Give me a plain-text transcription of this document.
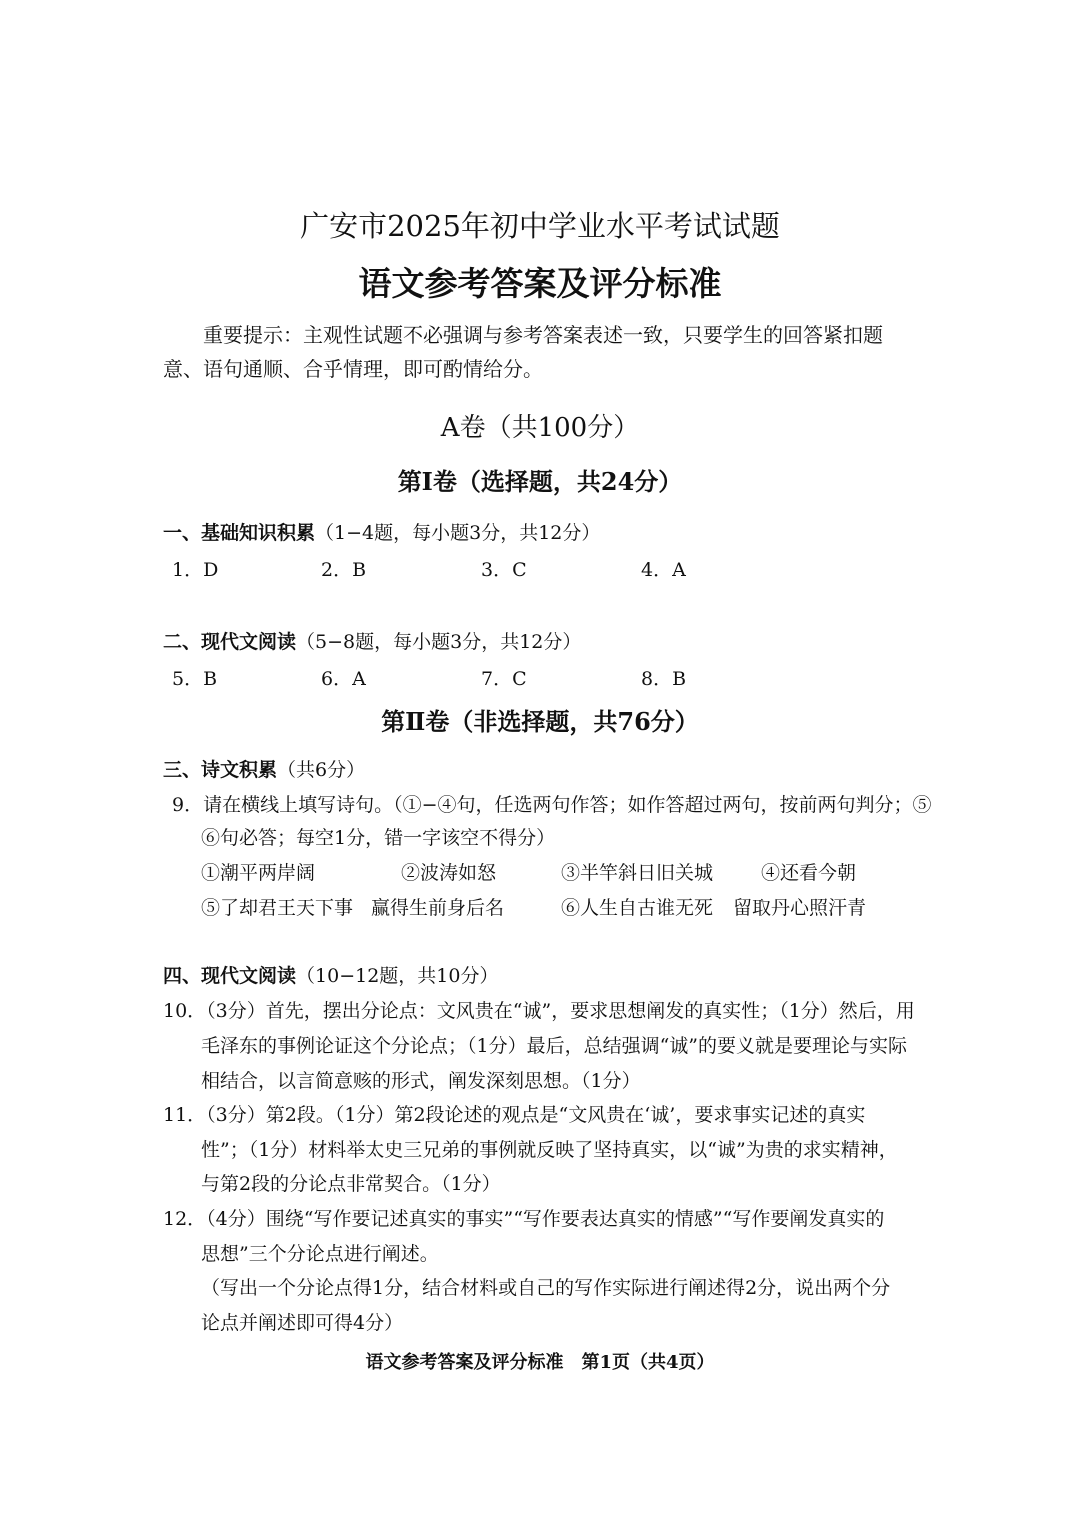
广安市2025年初中学业水平考试试题
语文参考答案及评分标准
重要提示：主观性试题不必强调与参考答案表述一致，只要学生的回答紧扣题意、语句通顺、合乎情理，即可酌情给分。
A卷（共100分）
第Ⅰ卷（选择题，共24分）
一、基础知识积累（1−4题，每小题3分，共12分）
1．D	2．B	3．C	4．A
二、现代文阅读（5−8题，每小题3分，共12分）
5．B	6．A	7．C	8．B
第Ⅱ卷（非选择题，共76分）
三、诗文积累（共6分）
9．请在横线上填写诗句。（①−④句，任选两句作答；如作答超过两句，按前两句判分；⑤
⑥句必答；每空1分，错一字该空不得分）
①潮平两岸阔	②波涛如怒	③半竿斜日旧关城	④还看今朝
⑤了却君王天下事 赢得生前身后名	⑥人生自古谁无死 留取丹心照汗青
四、现代文阅读（10−12题，共10分）
10．（3分）首先，摆出分论点：文风贵在“诚”，要求思想阐发的真实性；（1分）然后，用
毛泽东的事例论证这个分论点；（1分）最后，总结强调“诚”的要义就是要理论与实际
相结合，以言简意赅的形式，阐发深刻思想。（1分）
11．（3分）第2段。（1分）第2段论述的观点是“文风贵在‘诚’，要求事实记述的真实
性”；（1分）材料举太史三兄弟的事例就反映了坚持真实，以“诚”为贵的求实精神，
与第2段的分论点非常契合。（1分）
12．（4分）围绕“写作要记述真实的事实”“写作要表达真实的情感”“写作要阐发真实的
思想”三个分论点进行阐述。
（写出一个分论点得1分，结合材料或自己的写作实际进行阐述得2分，说出两个分
论点并阐述即可得4分）
语文参考答案及评分标准　第1页（共4页）
